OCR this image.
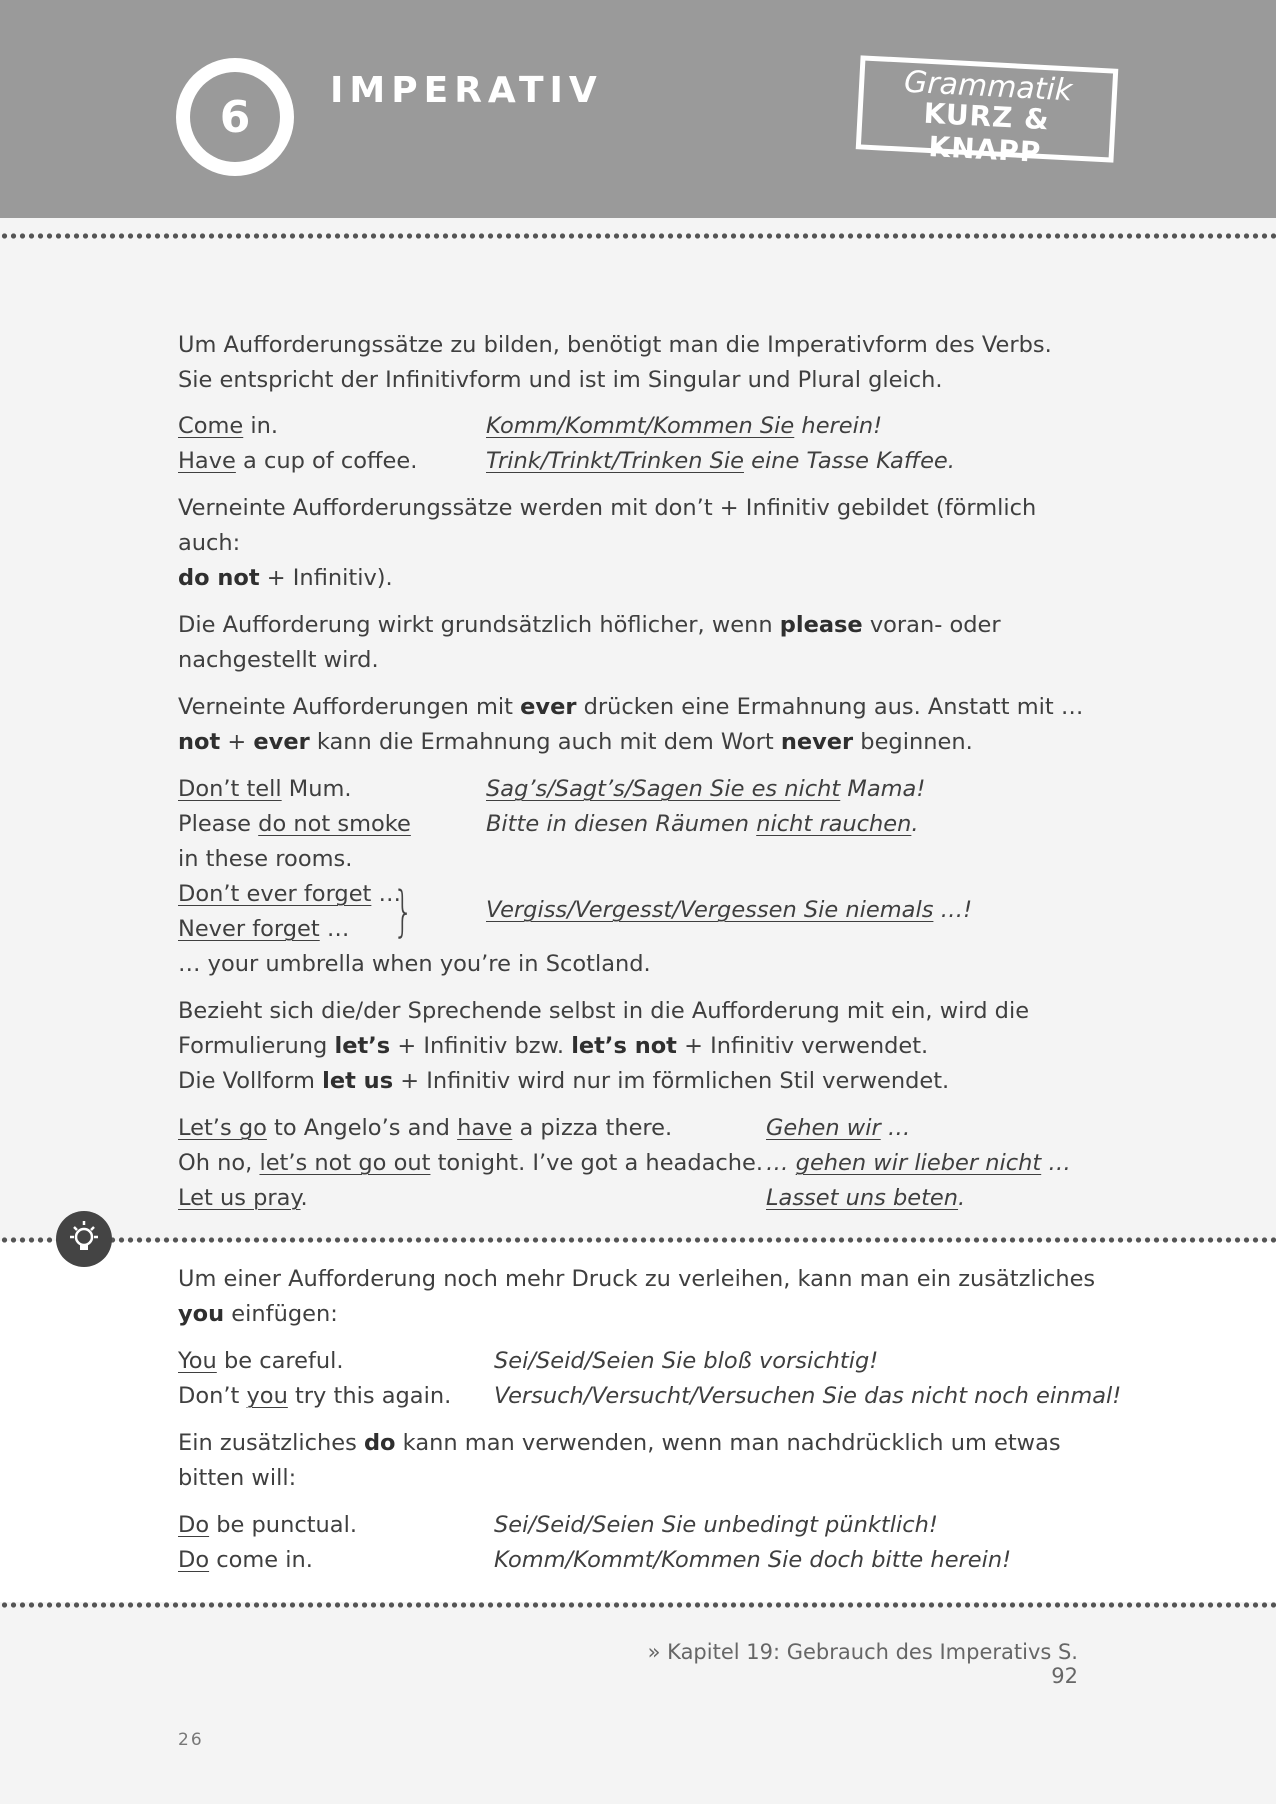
6
IMPERATIV	Grammatik
KURZ & KNAPP

Um Aufforderungssätze zu bilden, benötigt man die Imperativform des Verbs.

Sie entspricht der Infinitivform und ist im Singular und Plural gleich.

Come in.	Komm/Kommt/Kommen Sie herein!
Have a cup of coffee.	Trink/Trinkt/Trinken Sie eine Tasse Kaffee.

Verneinte Aufforderungssätze werden mit don’t + Infinitiv gebildet (förmlich auch:
do not + Infinitiv).

Die Aufforderung wirkt grundsätzlich höflicher, wenn please voran- oder
nachgestellt wird.

Verneinte Aufforderungen mit ever drücken eine Ermahnung aus. Anstatt mit …
not + ever kann die Ermahnung auch mit dem Wort never beginnen.

Don’t tell Mum.	Sag’s/Sagt’s/Sagen Sie es nicht Mama!
Please do not smoke	Bitte in diesen Räumen nicht rauchen.
in these rooms.
Don’t ever forget …
Never forget … }	Vergiss/Vergesst/Vergessen Sie niemals …!
… your umbrella when you’re in Scotland.

Bezieht sich die/der Sprechende selbst in die Aufforderung mit ein, wird die
Formulierung let’s + Infinitiv bzw. let’s not + Infinitiv verwendet.
Die Vollform let us + Infinitiv wird nur im förmlichen Stil verwendet.

Let’s go to Angelo’s and have a pizza there.	Gehen wir …
Oh no, let’s not go out tonight. I’ve got a headache. … gehen wir lieber nicht …
Let us pray.	Lasset uns beten.

Um einer Aufforderung noch mehr Druck zu verleihen, kann man ein zusätzliches
you einfügen:

You be careful.	Sei/Seid/Seien Sie bloß vorsichtig!
Don’t you try this again. Versuch/Versucht/Versuchen Sie das nicht noch einmal!

Ein zusätzliches do kann man verwenden, wenn man nachdrücklich um etwas
bitten will:

Do be punctual.	Sei/Seid/Seien Sie unbedingt pünktlich!
Do come in.	Komm/Kommt/Kommen Sie doch bitte herein!
» Kapitel 19: Gebrauch des Imperativs S. 92
26
